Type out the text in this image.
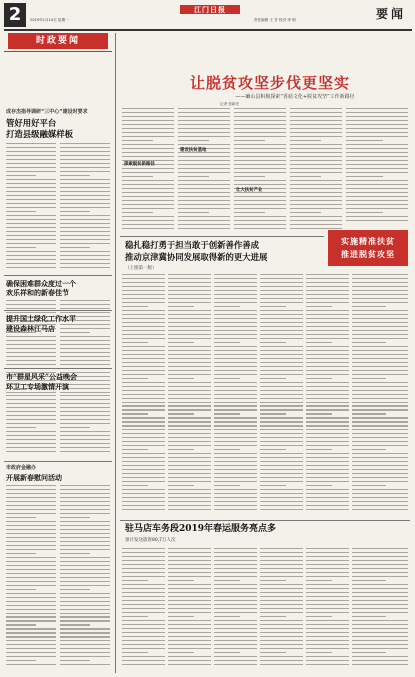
2	江门日报
2019年1月14日 星期一	责任编辑 王 芳 校对 李 明	要闻
时政要闻
成存杰指导调研“三中心”建设时要求
管好用好平台
打造县级融媒样板
确保困难群众度过一个
欢乐祥和的新春佳节
提升国土绿化工作水平
建设森林江马店
市“群星风采”公益晚会
环卫工专场激情开演
市政府金融办
开展新春慰问活动
让脱贫攻坚步伐更坚实
——确山县积极探索“香菇文化+脱贫攻坚”工作新路径
记者 张新亮
探索脱贫新路径
建设扶贫基地
壮大扶贫产业
实施精准扶贫
推进脱贫攻坚
稳扎稳打勇于担当敢于创新善作善成
推动京津冀协同发展取得新的更大进展
（上接第一版）
驻马店车务段2019年春运服务亮点多
预计发送旅客80.7万人次
